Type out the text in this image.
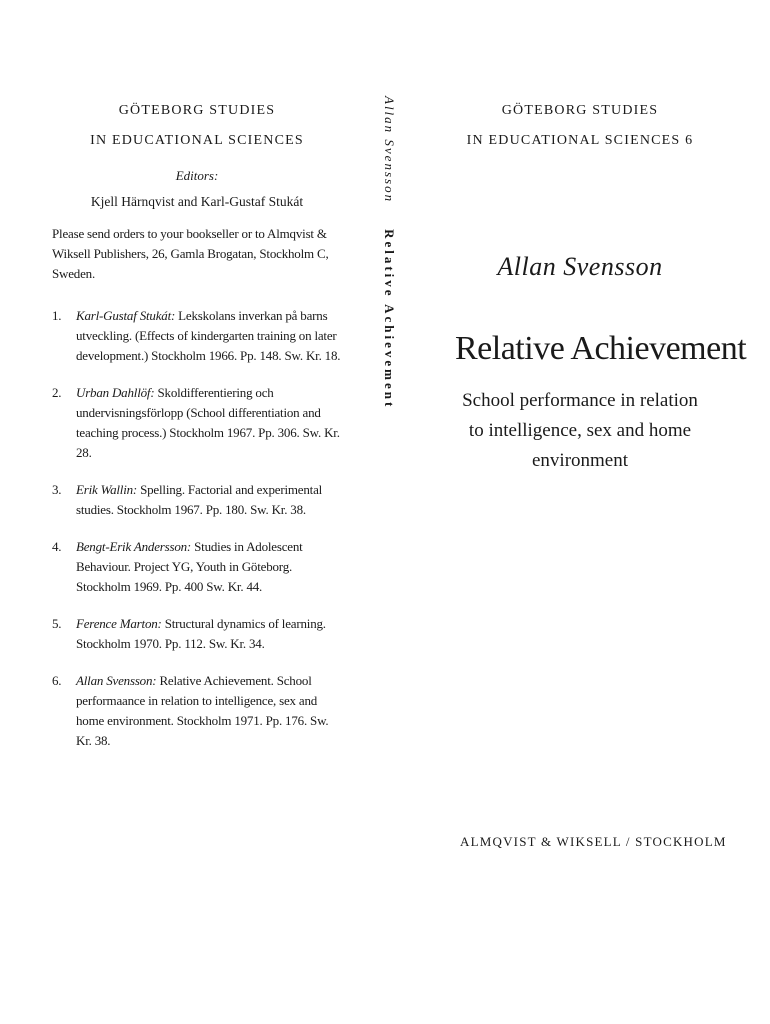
GÖTEBORG STUDIES
IN EDUCATIONAL SCIENCES
Editors:
Kjell Härnqvist and Karl-Gustaf Stukát
Please send orders to your bookseller or to Almqvist & Wiksell Publishers, 26, Gamla Brogatan, Stockholm C, Sweden.
1.	Karl-Gustaf Stukát: Lekskolans inverkan på barns utveckling. (Effects of kindergarten training on later development.) Stockholm 1966. Pp. 148. Sw. Kr. 18.
2.	Urban Dahllöf: Skoldifferentiering och undervisningsförlopp (School differentiation and teaching process.) Stockholm 1967. Pp. 306. Sw. Kr. 28.
3.	Erik Wallin: Spelling. Factorial and experimental studies. Stockholm 1967. Pp. 180. Sw. Kr. 38.
4.	Bengt-Erik Andersson: Studies in Adolescent Behaviour. Project YG, Youth in Göteborg. Stockholm 1969. Pp. 400 Sw. Kr. 44.
5.	Ference Marton: Structural dynamics of learning. Stockholm 1970. Pp. 112. Sw. Kr. 34.
6.	Allan Svensson: Relative Achievement. School performaance in relation to intelligence, sex and home environment. Stockholm 1971. Pp. 176. Sw. Kr. 38.
Allan Svensson
Relative Achievement
GÖTEBORG STUDIES
IN EDUCATIONAL SCIENCES 6
Allan Svensson
Relative Achievement
School performance in relation
to intelligence, sex and home
environment
ALMQVIST & WIKSELL / STOCKHOLM
